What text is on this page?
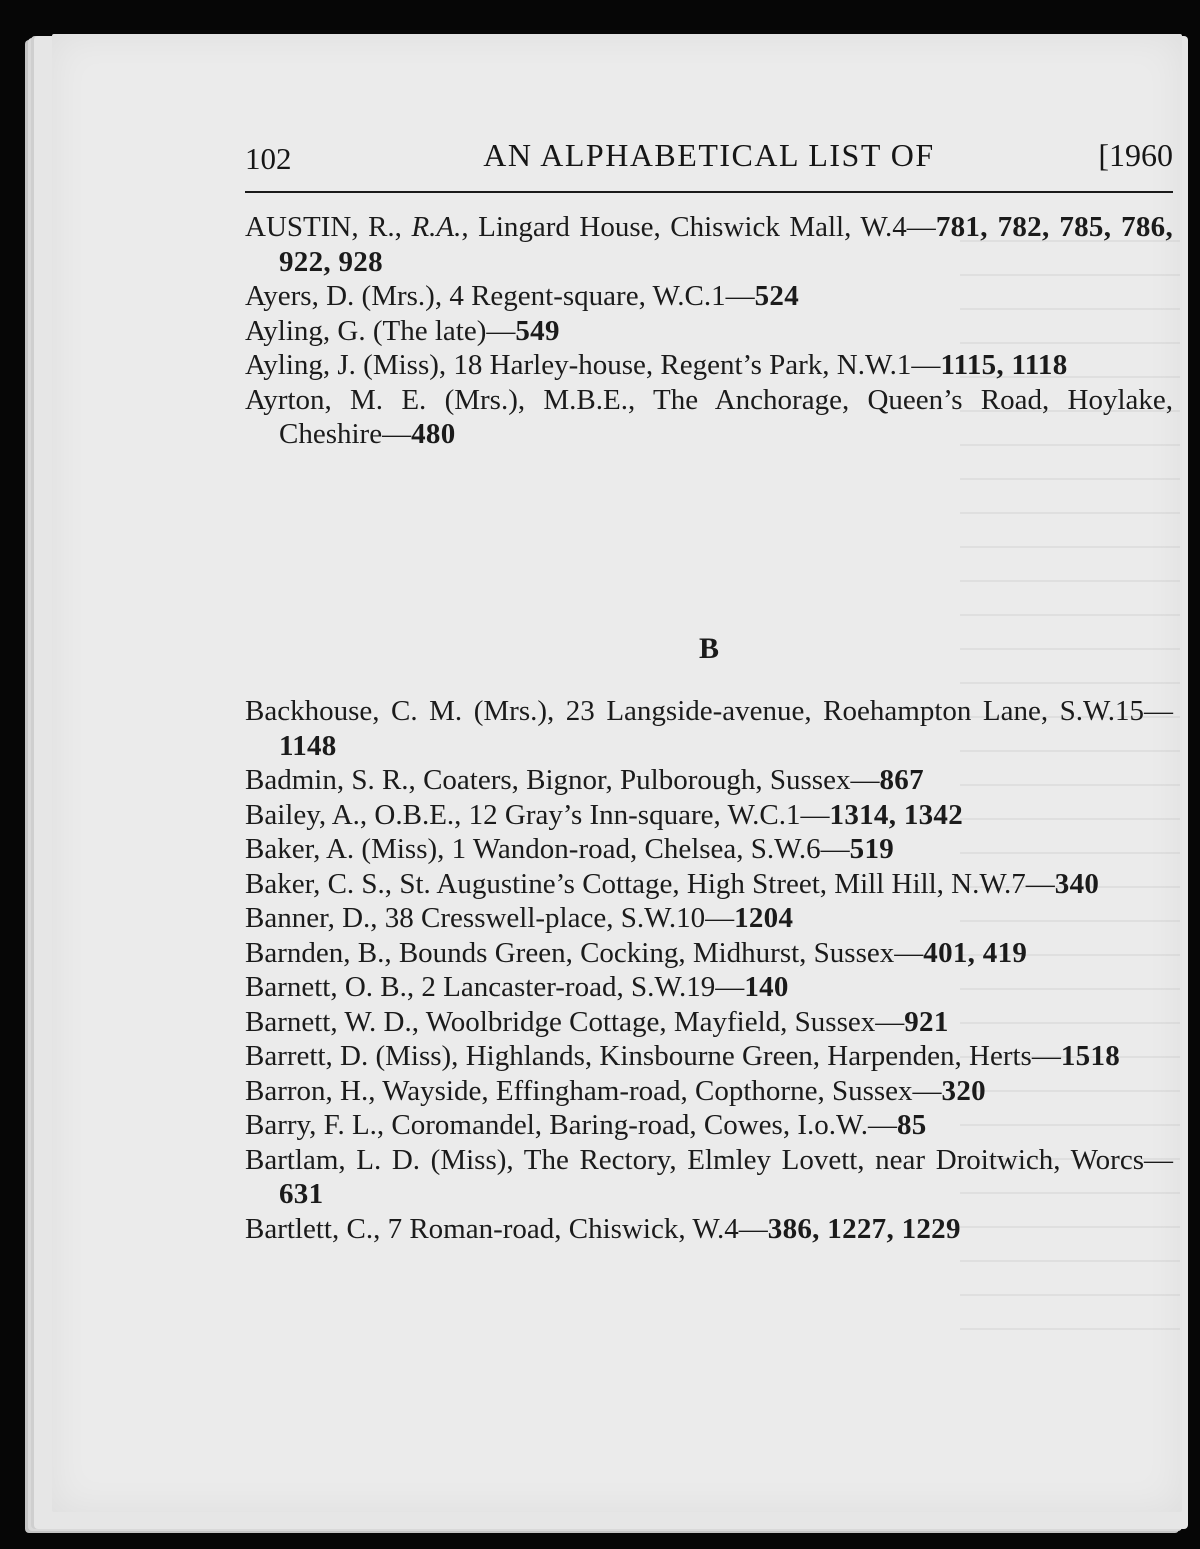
102	AN ALPHABETICAL LIST OF	[1960

AUSTIN, R., R.A., Lingard House, Chiswick Mall, W.4—781, 782, 785, 786, 922, 928

Ayers, D. (Mrs.), 4 Regent-square, W.C.1—524

Ayling, G. (The late)—549

Ayling, J. (Miss), 18 Harley-house, Regent’s Park, N.W.1—1115, 1118

Ayrton, M. E. (Mrs.), M.B.E., The Anchorage, Queen’s Road, Hoylake, Cheshire—480

B

Backhouse, C. M. (Mrs.), 23 Langside-avenue, Roehampton Lane, S.W.15—1148

Badmin, S. R., Coaters, Bignor, Pulborough, Sussex—867

Bailey, A., O.B.E., 12 Gray’s Inn-square, W.C.1—1314, 1342

Baker, A. (Miss), 1 Wandon-road, Chelsea, S.W.6—519

Baker, C. S., St. Augustine’s Cottage, High Street, Mill Hill, N.W.7—340

Banner, D., 38 Cresswell-place, S.W.10—1204

Barnden, B., Bounds Green, Cocking, Midhurst, Sussex—401, 419

Barnett, O. B., 2 Lancaster-road, S.W.19—140

Barnett, W. D., Woolbridge Cottage, Mayfield, Sussex—921

Barrett, D. (Miss), Highlands, Kinsbourne Green, Harpenden, Herts—1518

Barron, H., Wayside, Effingham-road, Copthorne, Sussex—320

Barry, F. L., Coromandel, Baring-road, Cowes, I.o.W.—85

Bartlam, L. D. (Miss), The Rectory, Elmley Lovett, near Droitwich, Worcs—631

Bartlett, C., 7 Roman-road, Chiswick, W.4—386, 1227, 1229
